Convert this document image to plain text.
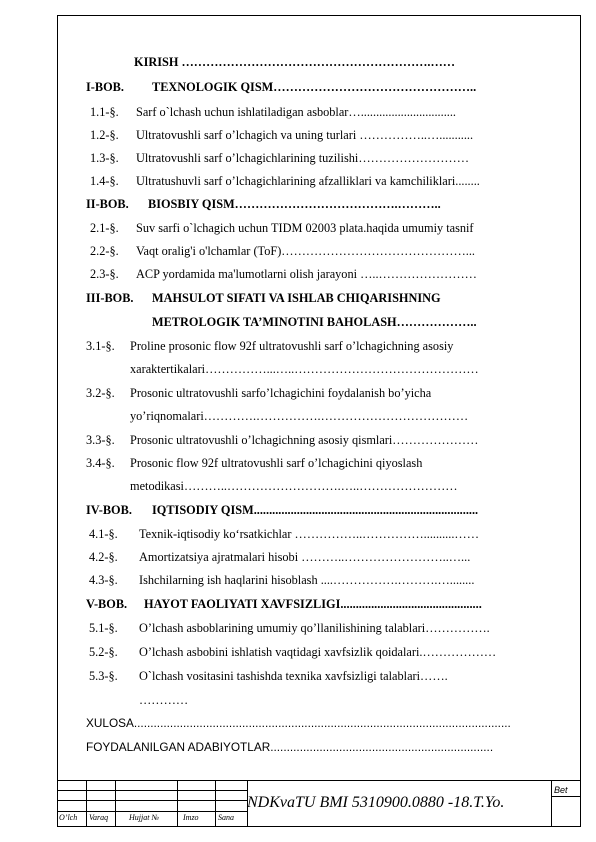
KIRISH …………………………………………………….……
I-BOB. TEXNOLOGIK QISM…………………………………………..
1.1-§. Sarf o`lchash uchun ishlatiladigan asboblar…...............................
1.2-§. Ultratovushli sarf o’lchagich va uning turlari ……………..…...........
1.3-§. Ultratovushli sarf o’lchagichlarining tuzilishi………………………
1.4-§. Ultratushuvli sarf o’lchagichlarining afzalliklari va kamchiliklari........
II-BOB. BIOSBIY QISM………………………………….………..
2.1-§. Suv sarfi o`lchagich uchun TIDM 02003 plata.haqida umumiy tasnif
2.2-§. Vaqt oralig'i o'lchamlar (ToF)………………………………………...
2.3-§. ACP yordamida ma'lumotlarni olish jarayoni …..……………………
III-BOB. MAHSULOT SIFATI VA ISHLAB CHIQARISHNING
METROLOGIK TA’MINOTINI BAHOLASH………………..
3.1-§. Proline prosonic flow 92f ultratovushli sarf o’lchagichning asosiy
xaraktertikalari……………...…..………………………………………
3.2-§. Prosonic ultratovushli sarfo’lchagichini foydalanish bo’yicha
yo’riqnomalari………….…………….………………………………
3.3-§. Prosonic ultratovushli o’lchagichning asosiy qismlari…………………
3.4-§. Prosonic flow 92f ultratovushli sarf o’lchagichini qiyoslash
metodikasi………..……………………….…..……………………
IV-BOB. IQTISODIY QISM.........................................................................
4.1-§. Texnik-iqtisodiy ko‘rsatkichlar ……………..……………..........……
4.2-§. Amortizatsiya ajratmalari hisobi ………..……………………..…...
4.3-§. Ishchilarning ish haqlarini hisoblash ....…………….……….…........
V-BOB. HAYOT FAOLIYATI XAVFSIZLIGI..............................................
5.1-§. O’lchash asboblarining umumiy qo’llanilishining talablari…………….
5.2-§. O’lchash asbobini ishlatish vaqtidagi xavfsizlik qoidalari.………………
5.3-§. O`lchash vositasini tashishda texnika xavfsizligi talablari…….
…………
XULOSA...................................................................................................................
FOYDALANILGAN ADABIYOTLAR....................................................................
O’lch Varaq	Hujjat №	Imzo Sana
NDKvaTU BMI 5310900.0880 -18.T.Yo.
Bet
